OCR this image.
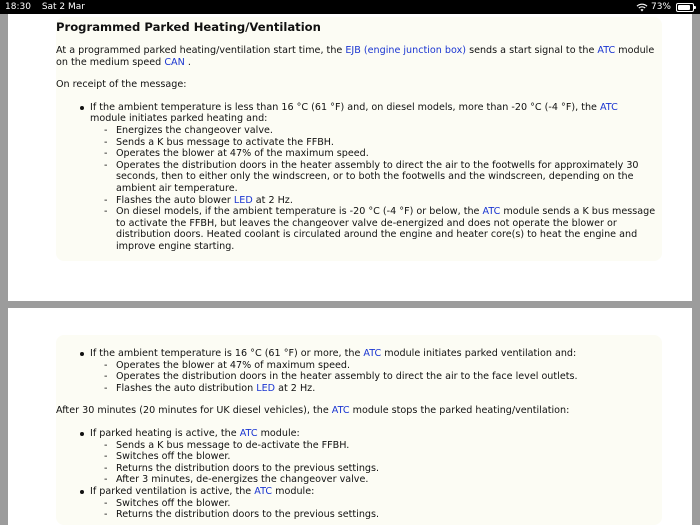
18:30 Sat 2 Mar	73%
Programmed Parked Heating/Ventilation

At a programmed parked heating/ventilation start time, the EJB (engine junction box) sends a start signal to the ATC module on the medium speed CAN .

On receipt of the message:

If the ambient temperature is less than 16 °C (61 °F) and, on diesel models, more than -20 °C (-4 °F), the ATC module initiates parked heating and:
- Energizes the changeover valve.
- Sends a K bus message to activate the FFBH.
- Operates the blower at 47% of the maximum speed.
- Operates the distribution doors in the heater assembly to direct the air to the footwells for approximately 30 seconds, then to either only the windscreen, or to both the footwells and the windscreen, depending on the ambient air temperature.
- Flashes the auto blower LED at 2 Hz.
- On diesel models, if the ambient temperature is -20 °C (-4 °F) or below, the ATC module sends a K bus message to activate the FFBH, but leaves the changeover valve de-energized and does not operate the blower or distribution doors. Heated coolant is circulated around the engine and heater core(s) to heat the engine and improve engine starting.
If the ambient temperature is 16 °C (61 °F) or more, the ATC module initiates parked ventilation and:
- Operates the blower at 47% of maximum speed.
- Operates the distribution doors in the heater assembly to direct the air to the face level outlets.
- Flashes the auto distribution LED at 2 Hz.

After 30 minutes (20 minutes for UK diesel vehicles), the ATC module stops the parked heating/ventilation:

If parked heating is active, the ATC module:
- Sends a K bus message to de-activate the FFBH.
- Switches off the blower.
- Returns the distribution doors to the previous settings.
- After 3 minutes, de-energizes the changeover valve.
If parked ventilation is active, the ATC module:
- Switches off the blower.
- Returns the distribution doors to the previous settings.
